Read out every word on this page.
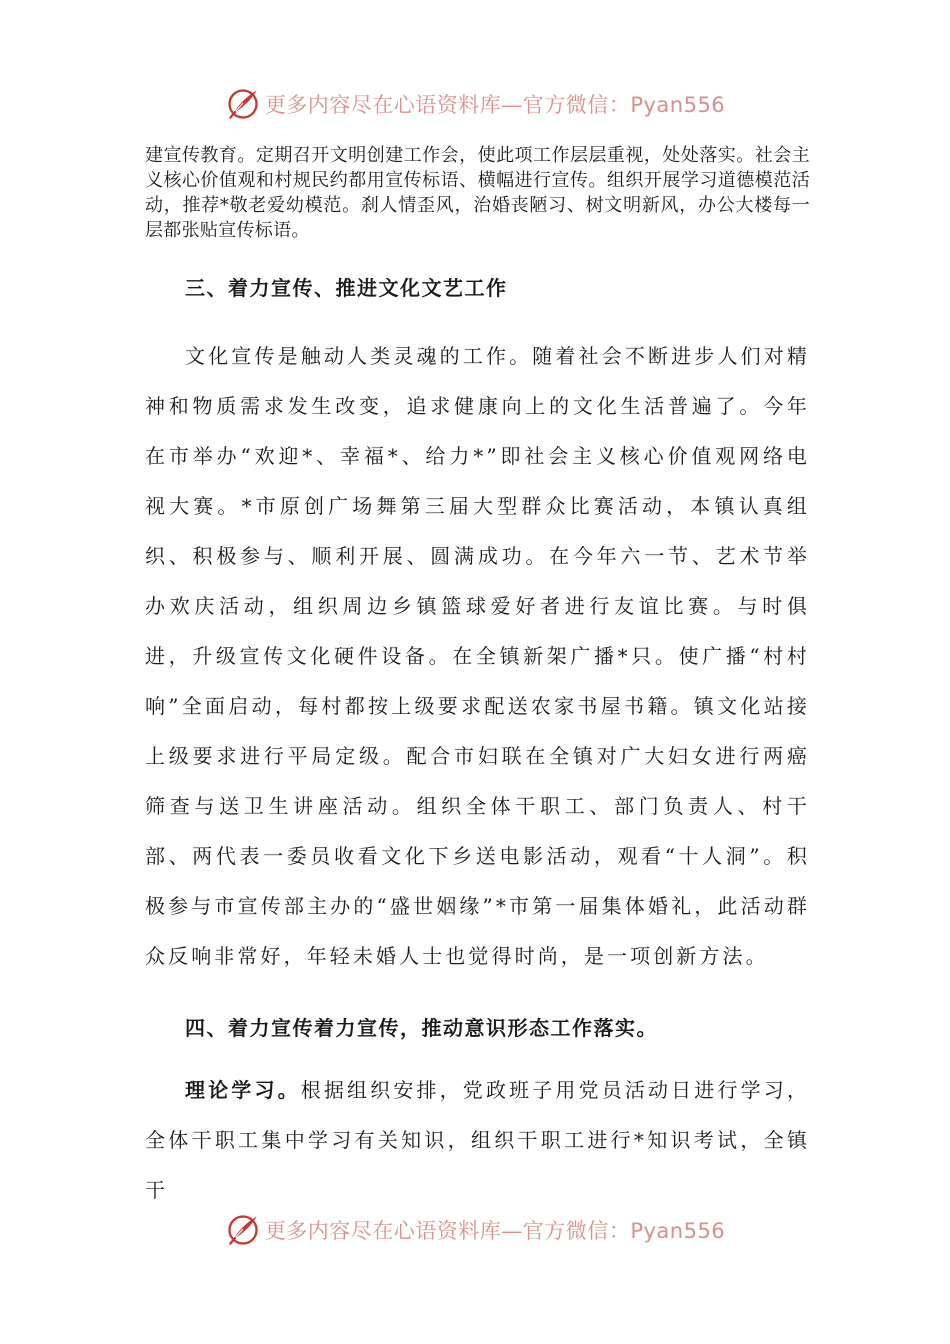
更多内容尽在心语资料库—官方微信：Pyan556

建宣传教育。定期召开文明创建工作会，使此项工作层层重视，处处落实。社会主义核心价值观和村规民约都用宣传标语、横幅进行宣传。组织开展学习道德模范活动，推荐*敬老爱幼模范。刹人情歪风，治婚丧陋习、树文明新风，办公大楼每一层都张贴宣传标语。

三、着力宣传、推进文化文艺工作

文化宣传是触动人类灵魂的工作。随着社会不断进步人们对精神和物质需求发生改变，追求健康向上的文化生活普遍了。今年在市举办“欢迎*、幸福*、给力*”即社会主义核心价值观网络电视大赛。*市原创广场舞第三届大型群众比赛活动，本镇认真组织、积极参与、顺利开展、圆满成功。在今年六一节、艺术节举办欢庆活动，组织周边乡镇篮球爱好者进行友谊比赛。与时俱进，升级宣传文化硬件设备。在全镇新架广播*只。使广播“村村响”全面启动，每村都按上级要求配送农家书屋书籍。镇文化站接上级要求进行平局定级。配合市妇联在全镇对广大妇女进行两癌筛查与送卫生讲座活动。组织全体干职工、部门负责人、村干部、两代表一委员收看文化下乡送电影活动，观看“十人洞”。积极参与市宣传部主办的“盛世姻缘”*市第一届集体婚礼，此活动群众反响非常好，年轻未婚人士也觉得时尚，是一项创新方法。

四、着力宣传着力宣传，推动意识形态工作落实。

理论学习。根据组织安排，党政班子用党员活动日进行学习，全体干职工集中学习有关知识，组织干职工进行*知识考试，全镇干

更多内容尽在心语资料库—官方微信：Pyan556
